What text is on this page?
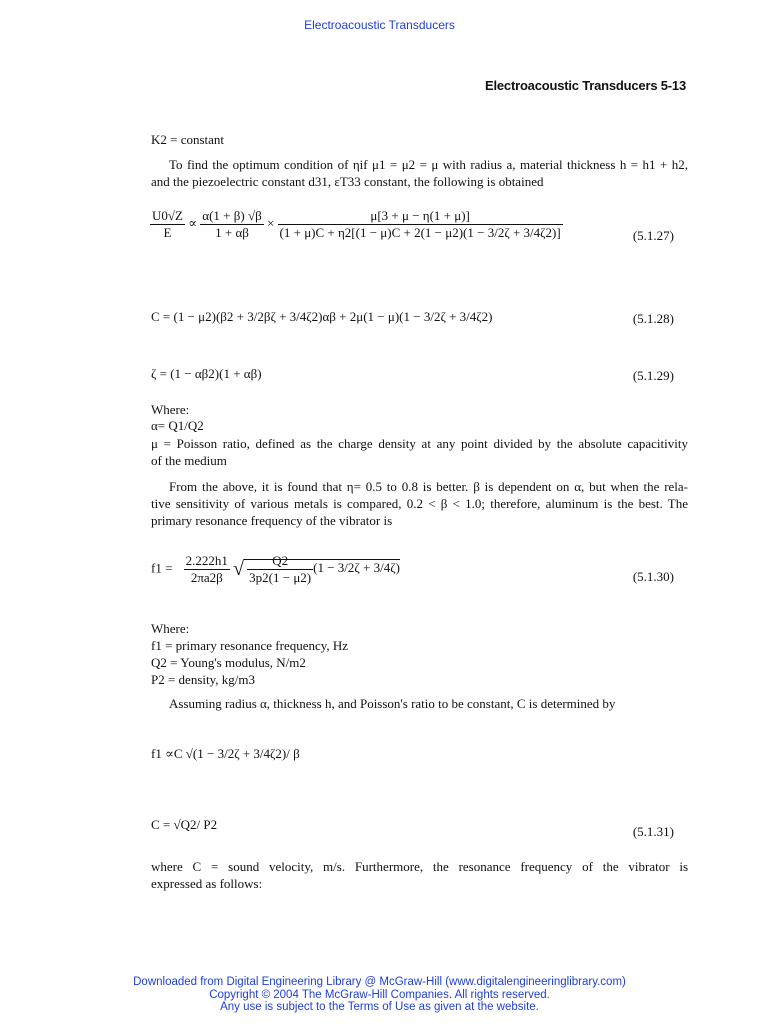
Electroacoustic Transducers
Electroacoustic Transducers 5-13
K2 = constant
To find the optimum condition of ηif μ1 = μ2 = μ with radius a, material thickness h = h1 + h2,
and the piezoelectric constant d31, εT33 constant, the following is obtained
$\frac{U0√Z}{E} \propto \frac{\alpha(1 + \beta) √\beta}{1 + \alpha\beta} \times \frac{\mu[3 + \mu - \eta(1 + \mu)]}{(1 + \mu)C + \eta 2[(1 - \mu)C + 2(1 - \mu 2)(1 - 3/2\zeta + 3/4\zeta 2)]}$	(5.1.27)
C = (1 − μ2)(β2 + 3/2βζ + 3/4ζ2)αβ + 2μ(1 − μ)(1 − 3/2ζ + 3/4ζ2)	(5.1.28)
ζ = (1 − αβ2)(1 + αβ)	(5.1.29)
Where:
α= Q1/Q2
μ = Poisson ratio, defined as the charge density at any point divided by the absolute capacitivity
of the medium
From the above, it is found that η= 0.5 to 0.8 is better. β is dependent on α, but when the rela-
tive sensitivity of various metals is compared, 0.2 < β < 1.0; therefore, aluminum is the best. The
primary resonance frequency of the vibrator is
$f1 = \frac{2.222h1}{2\pi a2\beta}$ √ $\frac{Q2}{3p2(1 - \mu 2)} (1 - 3/2\zeta + 3/4\zeta)$
(5.1.30)
Where:
f1 = primary resonance frequency, Hz
Q2 = Young's modulus, N/m2
P2 = density, kg/m3
Assuming radius α, thickness h, and Poisson's ratio to be constant, C is determined by
f1 ∝C √(1 − 3/2ζ + 3/4ζ2)/ β
C = √Q2/ P2	(5.1.31)
where C = sound velocity, m/s. Furthermore, the resonance frequency of the vibrator is
expressed as follows:
Downloaded from Digital Engineering Library @ McGraw-Hill (www.digitalengineeringlibrary.com)
Copyright © 2004 The McGraw-Hill Companies. All rights reserved.
Any use is subject to the Terms of Use as given at the website.
